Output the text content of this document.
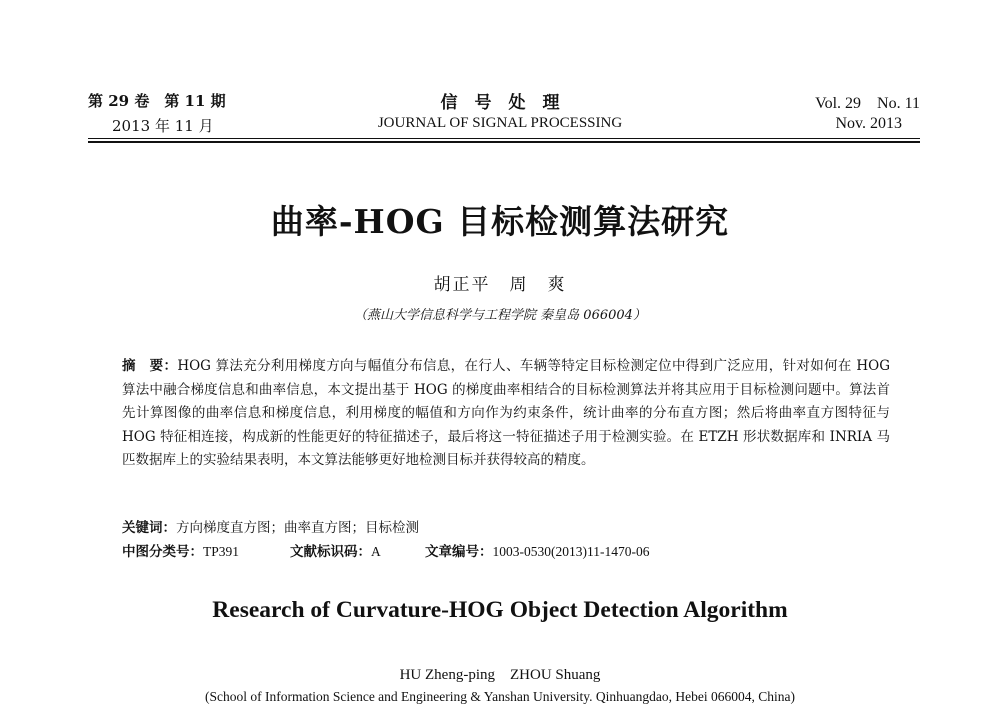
第 29 卷　第 11 期
2013 年 11 月
信　号　处　理
JOURNAL OF SIGNAL PROCESSING
Vol. 29　No. 11
Nov. 2013
曲率-HOG 目标检测算法研究
胡正平　周　爽
（燕山大学信息科学与工程学院 秦皇岛 066004）
摘　要：HOG 算法充分利用梯度方向与幅值分布信息，在行人、车辆等特定目标检测定位中得到广泛应用，针对如何在 HOG 算法中融合梯度信息和曲率信息，本文提出基于 HOG 的梯度曲率相结合的目标检测算法并将其应用于目标检测问题中。算法首先计算图像的曲率信息和梯度信息，利用梯度的幅值和方向作为约束条件，统计曲率的分布直方图；然后将曲率直方图特征与 HOG 特征相连接，构成新的性能更好的特征描述子，最后将这一特征描述子用于检测实验。在 ETZH 形状数据库和 INRIA 马匹数据库上的实验结果表明，本文算法能够更好地检测目标并获得较高的精度。
关键词：方向梯度直方图；曲率直方图；目标检测
中图分类号：TP391	文献标识码：A	文章编号：1003-0530(2013)11-1470-06
Research of Curvature-HOG Object Detection Algorithm
HU Zheng-ping　ZHOU Shuang
(School of Information Science and Engineering & Yanshan University. Qinhuangdao, Hebei 066004, China)
